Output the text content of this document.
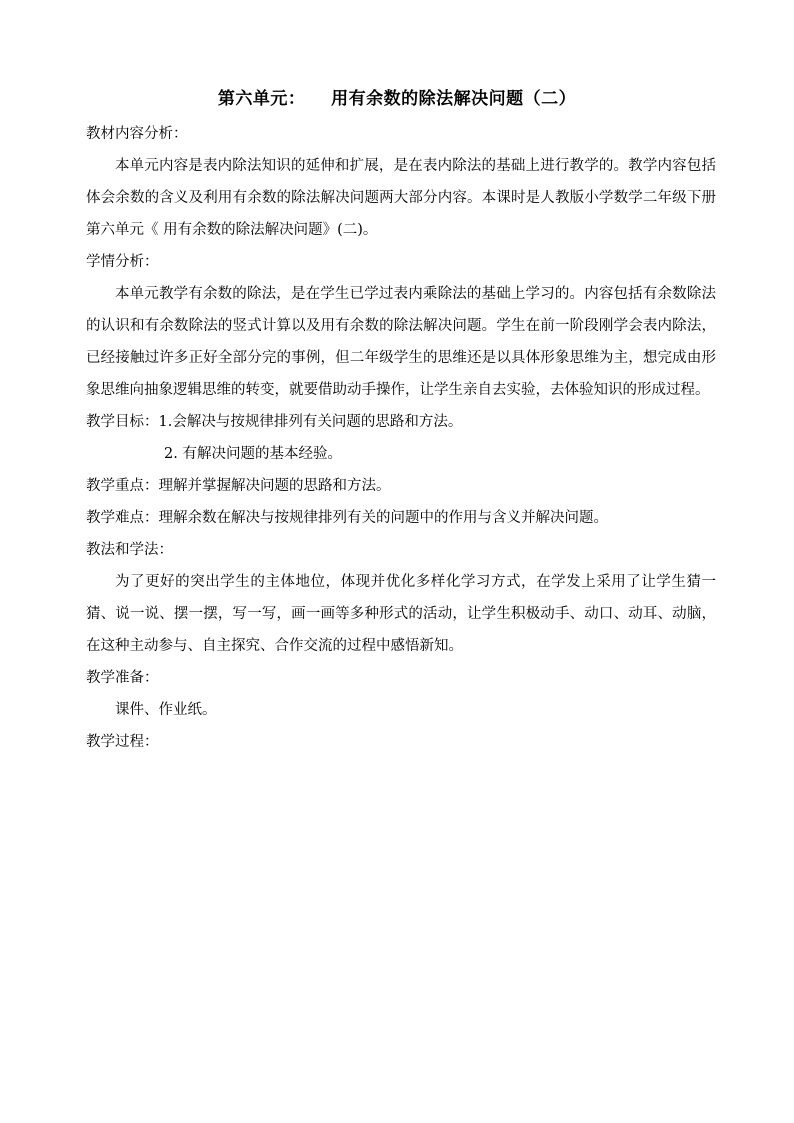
第六单元：    用有余数的除法解决问题（二）
教材内容分析：

本单元内容是表内除法知识的延伸和扩展，是在表内除法的基础上进行教学的。教学内容包括体会余数的含义及利用有余数的除法解决问题两大部分内容。本课时是人教版小学数学二年级下册第六单元《 用有余数的除法解决问题》(二)。

学情分析：

本单元教学有余数的除法，是在学生已学过表内乘除法的基础上学习的。内容包括有余数除法的认识和有余数除法的竖式计算以及用有余数的除法解决问题。学生在前一阶段刚学会表内除法，已经接触过许多正好全部分完的事例，但二年级学生的思维还是以具体形象思维为主，想完成由形象思维向抽象逻辑思维的转变，就要借助动手操作，让学生亲自去实验，去体验知识的形成过程。

教学目标：1.会解决与按规律排列有关问题的思路和方法。
2. 有解决问题的基本经验。
教学重点：理解并掌握解决问题的思路和方法。
教学难点：理解余数在解决与按规律排列有关的问题中的作用与含义并解决问题。
教法和学法：

为了更好的突出学生的主体地位，体现并优化多样化学习方式，在学发上采用了让学生猜一猜、说一说、摆一摆，写一写，画一画等多种形式的活动，让学生积极动手、动口、动耳、动脑，在这种主动参与、自主探究、合作交流的过程中感悟新知。

教学准备：
课件、作业纸。
教学过程：
